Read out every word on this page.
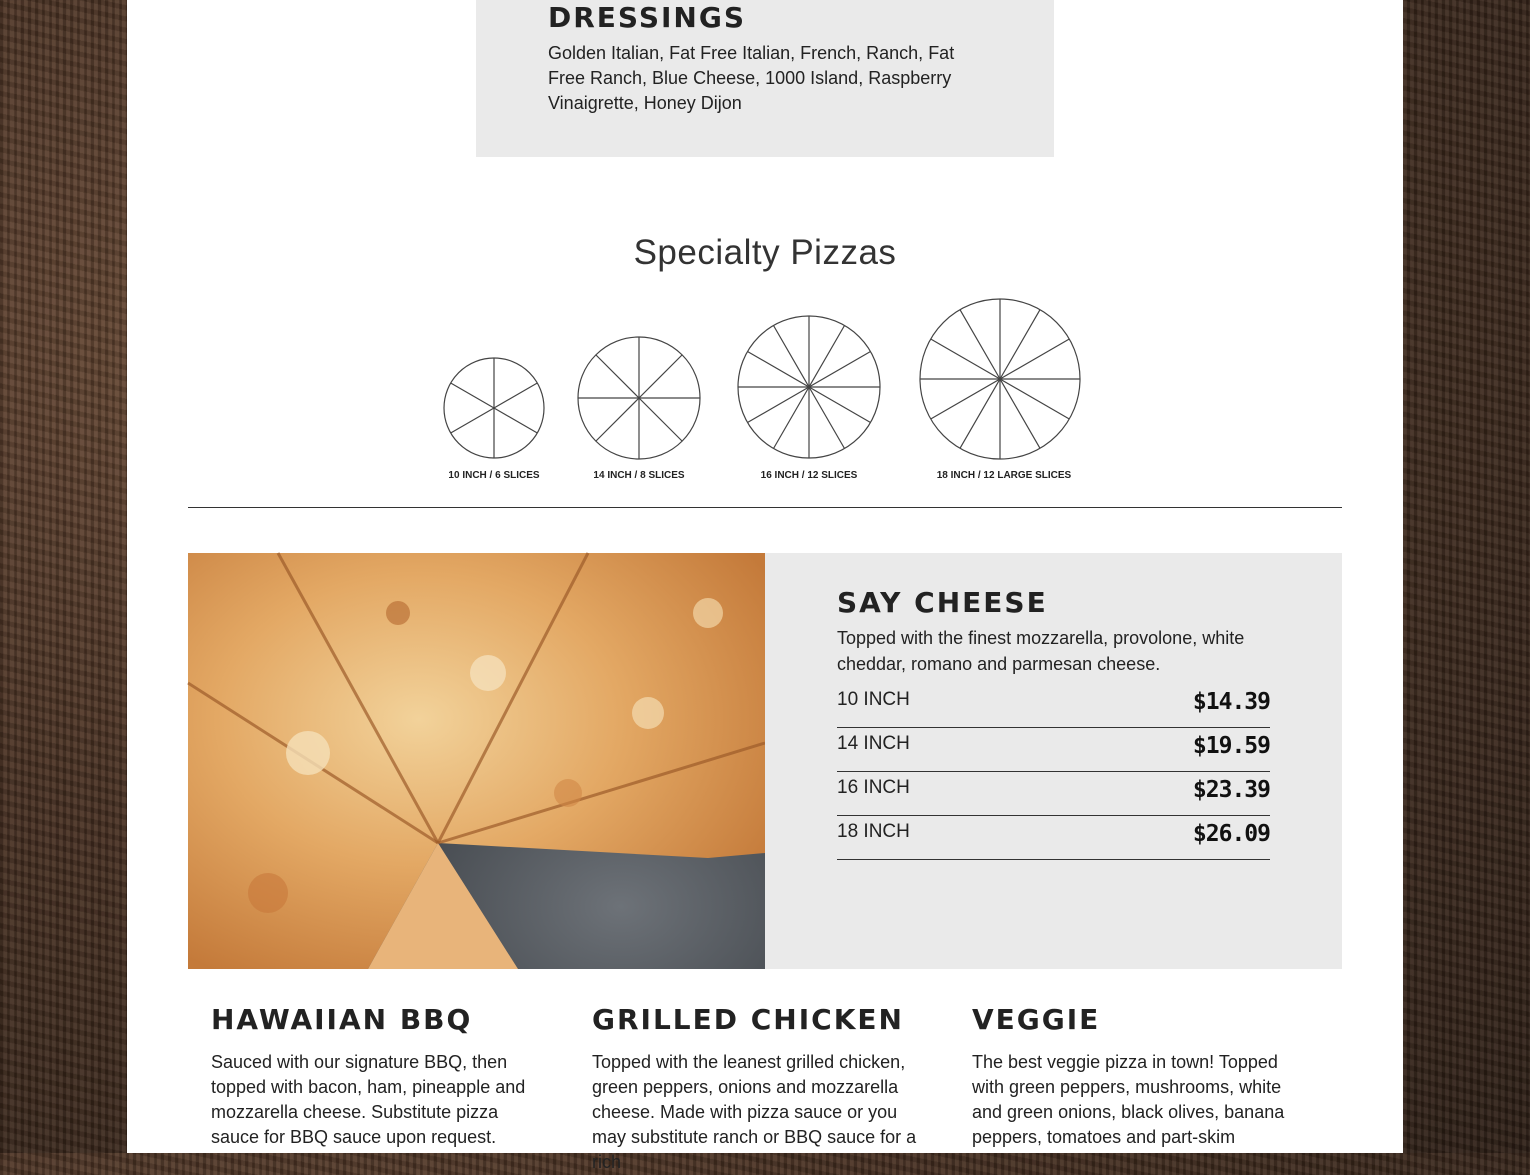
DRESSINGS
Golden Italian, Fat Free Italian, French, Ranch, Fat Free Ranch, Blue Cheese, 1000 Island, Raspberry Vinaigrette, Honey Dijon
Specialty Pizzas
10 INCH / 6 SLICES	14 INCH / 8 SLICES	16 INCH / 12 SLICES	18 INCH / 12 LARGE SLICES
SAY CHEESE
Topped with the finest mozzarella, provolone, white cheddar, romano and parmesan cheese.
10 INCH	$14.39
14 INCH	$19.59
16 INCH	$23.39
18 INCH	$26.09
HAWAIIAN BBQ

Sauced with our signature BBQ, then topped with bacon, ham, pineapple and mozzarella cheese. Substitute pizza sauce for BBQ sauce upon request.

GRILLED CHICKEN

Topped with the leanest grilled chicken, green peppers, onions and mozzarella cheese. Made with pizza sauce or you may substitute ranch or BBQ sauce for a rich

VEGGIE

The best veggie pizza in town! Topped with green peppers, mushrooms, white and green onions, black olives, banana peppers, tomatoes and part-skim
